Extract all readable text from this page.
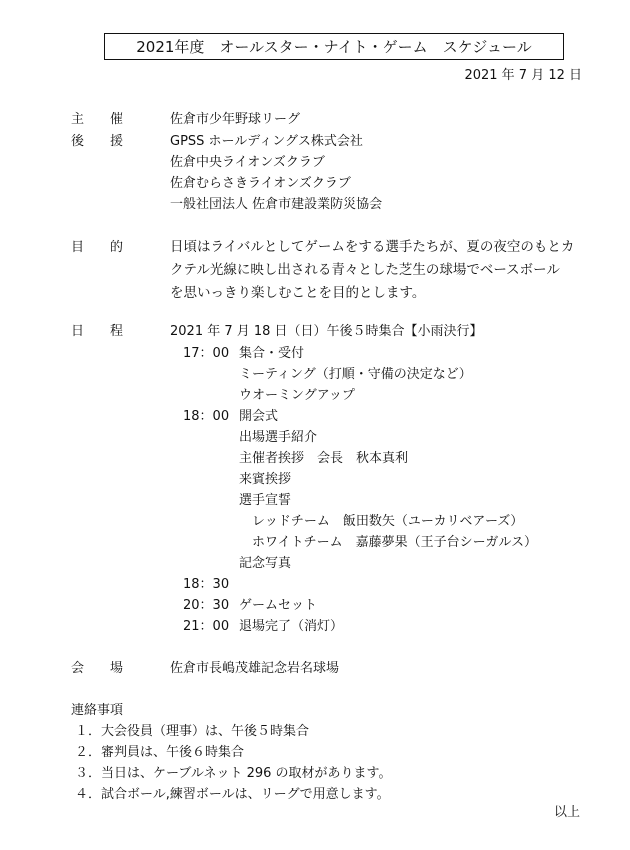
2021年度　オールスター・ナイト・ゲーム　スケジュール
2021 年 7 月 12 日
主　　催	佐倉市少年野球リーグ
後　　援	GPSS ホールディングス株式会社
佐倉中央ライオンズクラブ
佐倉むらさきライオンズクラブ
一般社団法人 佐倉市建設業防災協会
目　　的	日頃はライバルとしてゲームをする選手たちが、夏の夜空のもとカ
クテル光線に映し出される青々とした芝生の球場でベースボール
を思いっきり楽しむことを目的とします。
日　　程	2021 年 7 月 18 日（日）午後５時集合【小雨決行】
17：00 集合・受付
ミーティング（打順・守備の決定など）
ウオーミングアップ
18：00 開会式
出場選手紹介
主催者挨拶　会長　秋本真利
来賓挨拶
選手宣誓
レッドチーム　飯田数矢（ユーカリベアーズ）
ホワイトチーム　嘉藤夢果（王子台シーガルス）
記念写真
18：30
20：30 ゲームセット
21：00 退場完了（消灯）
会　　場	佐倉市長嶋茂雄記念岩名球場
連絡事項
１．大会役員（理事）は、午後５時集合
２．審判員は、午後６時集合
３．当日は、ケーブルネット 296 の取材があります。
４．試合ボール,練習ボールは、リーグで用意します。
以上
